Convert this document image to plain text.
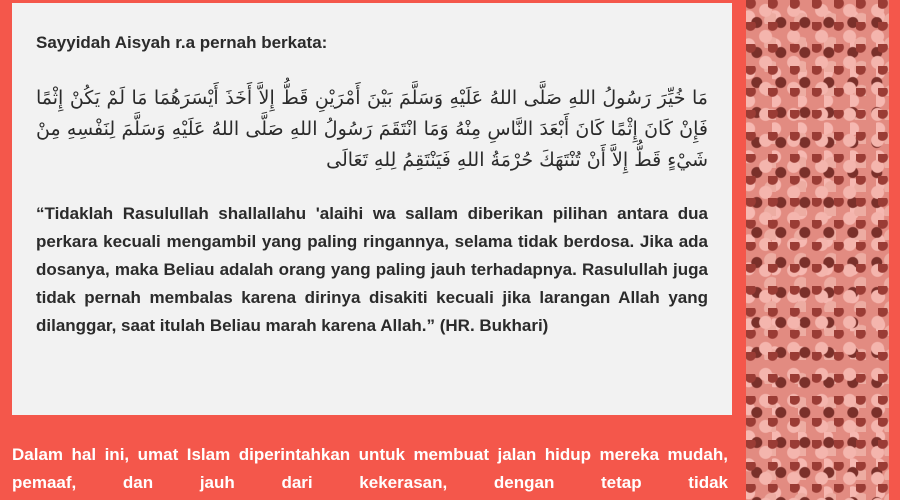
Sayyidah Aisyah r.a pernah berkata:

مَا خُيِّرَ رَسُولُ اللهِ صَلَّى اللهُ عَلَيْهِ وَسَلَّمَ بَيْنَ أَمْرَيْنِ قَطُّ إِلاَّ أَخَذَ أَيْسَرَهُمَا مَا لَمْ يَكُنْ إِثْمًا فَإِنْ كَانَ إِثْمًا كَانَ أَبْعَدَ النَّاسِ مِنْهُ وَمَا انْتَقَمَ رَسُولُ اللهِ صَلَّى اللهُ عَلَيْهِ وَسَلَّمَ لِنَفْسِهِ مِنْ شَيْءٍ قَطُّ إِلاَّ أَنْ تُنْتَهَكَ حُرْمَةُ اللهِ فَيَنْتَقِمُ لِلهِ تَعَالَى

“Tidaklah Rasulullah shallallahu 'alaihi wa sallam diberikan pilihan antara dua perkara kecuali mengambil yang paling ringannya, selama tidak berdosa. Jika ada dosanya, maka Beliau adalah orang yang paling jauh terhadapnya. Rasulullah juga tidak pernah membalas karena dirinya disakiti kecuali jika larangan Allah yang dilanggar, saat itulah Beliau marah karena Allah.” (HR. Bukhari)

Dalam hal ini, umat Islam diperintahkan untuk membuat jalan hidup mereka mudah, pemaaf, dan jauh dari kekerasan, dengan tetap tidak
